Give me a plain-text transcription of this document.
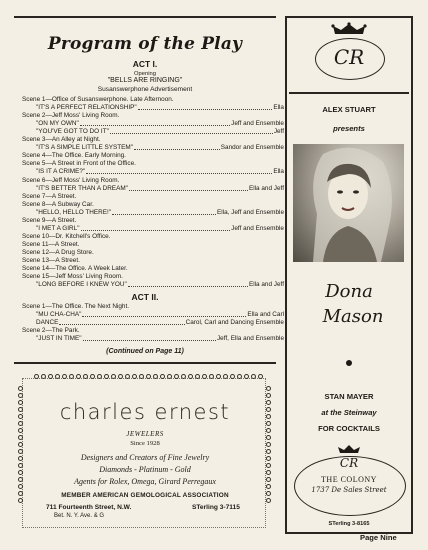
Program of the Play
ACT I.
Opening
"BELLS ARE RINGING"
Susanswerphone Advertisement
Scene 1—Office of Susanswerphone. Late Afternoon.
"IT'S A PERFECT RELATIONSHIP"	Ella
Scene 2—Jeff Moss' Living Room.
"ON MY OWN"	Jeff and Ensemble
"YOU'VE GOT TO DO IT"	Jeff
Scene 3—An Alley at Night.
"IT'S A SIMPLE LITTLE SYSTEM"	Sandor and Ensemble
Scene 4—The Office. Early Morning.
Scene 5—A Street in Front of the Office.
"IS IT A CRIME?"	Ella
Scene 6—Jeff Moss' Living Room.
"IT'S BETTER THAN A DREAM"	Ella and Jeff
Scene 7—A Street.
Scene 8—A Subway Car.
"HELLO, HELLO THERE!"	Ella, Jeff and Ensemble
Scene 9—A Street.
"I MET A GIRL"	Jeff and Ensemble
Scene 10—Dr. Kitchell's Office.
Scene 11—A Street.
Scene 12—A Drug Store.
Scene 13—A Street.
Scene 14—The Office. A Week Later.
Scene 15—Jeff Moss' Living Room.
"LONG BEFORE I KNEW YOU"	Ella and Jeff
ACT II.
Scene 1—The Office. The Next Night.
"MU CHA-CHA"	Ella and Carl
DANCE	Carol, Carl and Dancing Ensemble
Scene 2—The Park.
"JUST IN TIME"	Jeff, Ella and Ensemble
(Continued on Page 11)
charles ernest
JEWELERS
Since 1928
Designers and Creators of Fine Jewelry
Diamonds - Platinum - Gold
Agents for Rolex, Omega, Girard Perregaux
MEMBER AMERICAN GEMOLOGICAL ASSOCIATION
711 Fourteenth Street, N.W.	STerling 3-7115
Bet. N. Y. Ave. & G
CR
ALEX STUART
presents
Dona
Mason
STAN MAYER
at the Steinway
FOR COCKTAILS
CR
THE COLONY
1737 De Sales Street
STerling 3-8165
Page Nine
